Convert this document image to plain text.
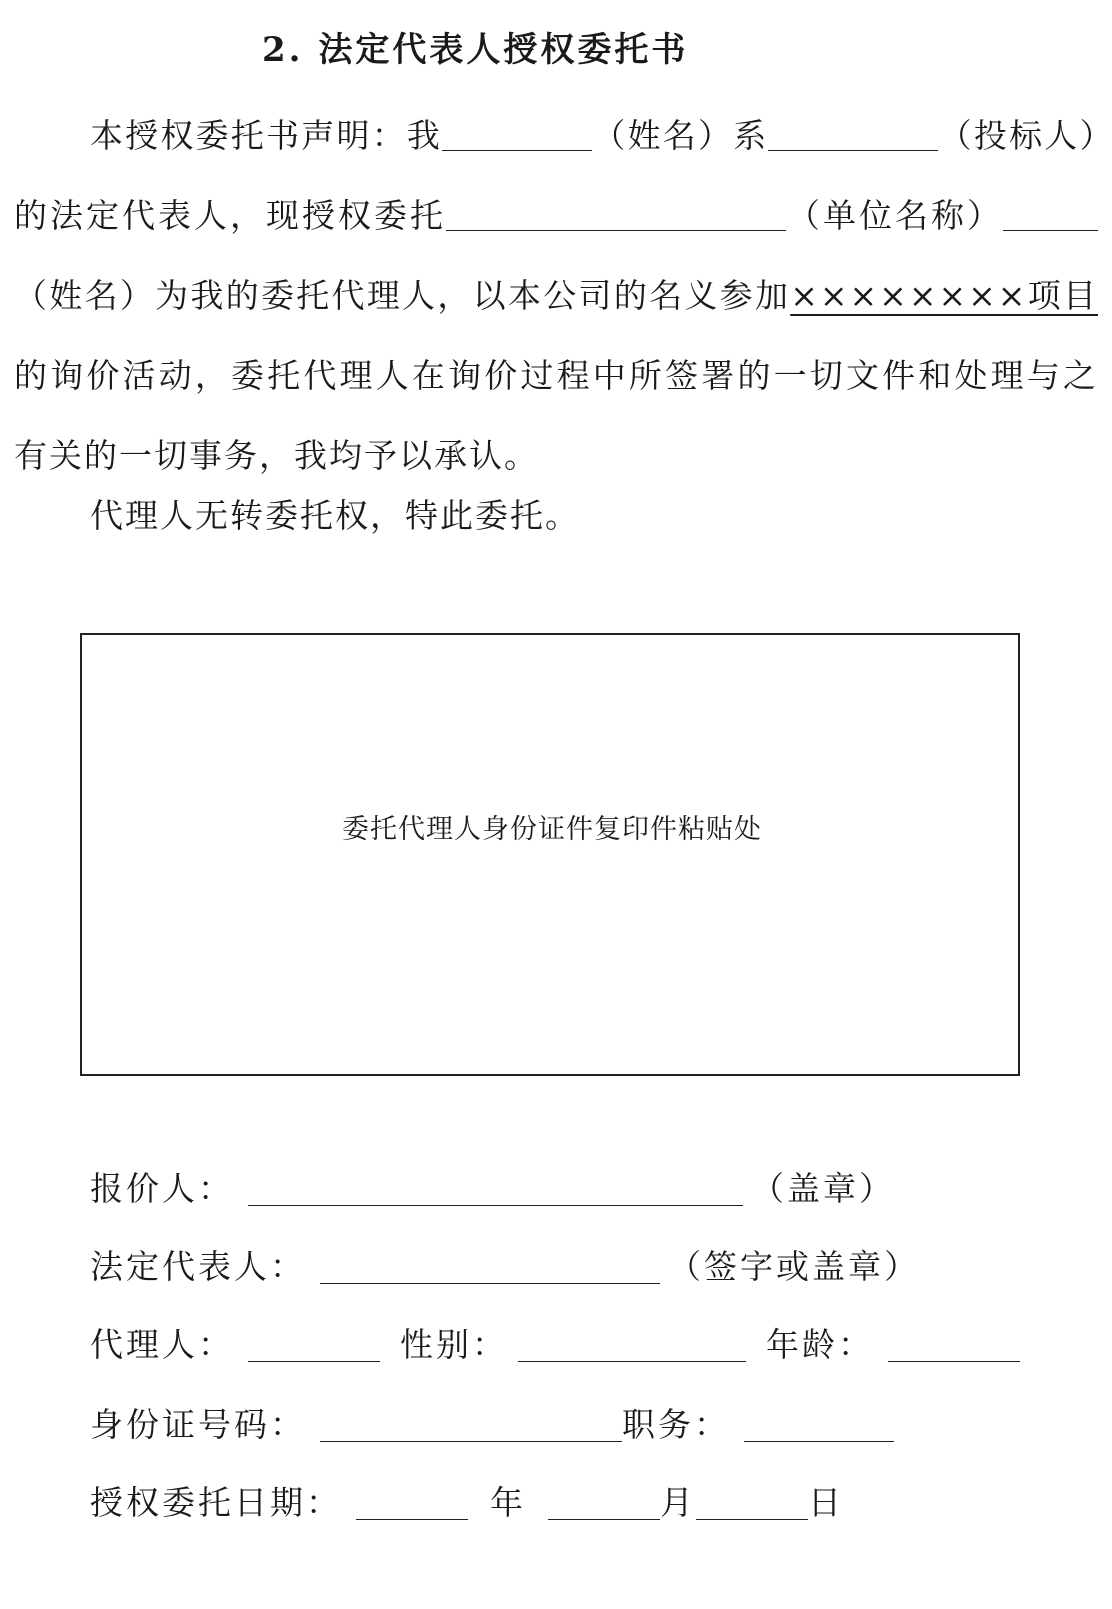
2. 法定代表人授权委托书
本授权委托书声明：我	（姓名）系	（投标人）的法定代表人，现授权委托	（单位名称）（姓名）为我的委托代理人，以本公司的名义参加××××××××项目的询价活动，委托代理人在询价过程中所签署的一切文件和处理与之有关的一切事务，我均予以承认。
代理人无转委托权，特此委托。
委托代理人身份证件复印件粘贴处
报价人：	（盖章）
法定代表人：	（签字或盖章）
代理人：	性别：	年龄：
身份证号码：	职务：
授权委托日期：	年	月	日
